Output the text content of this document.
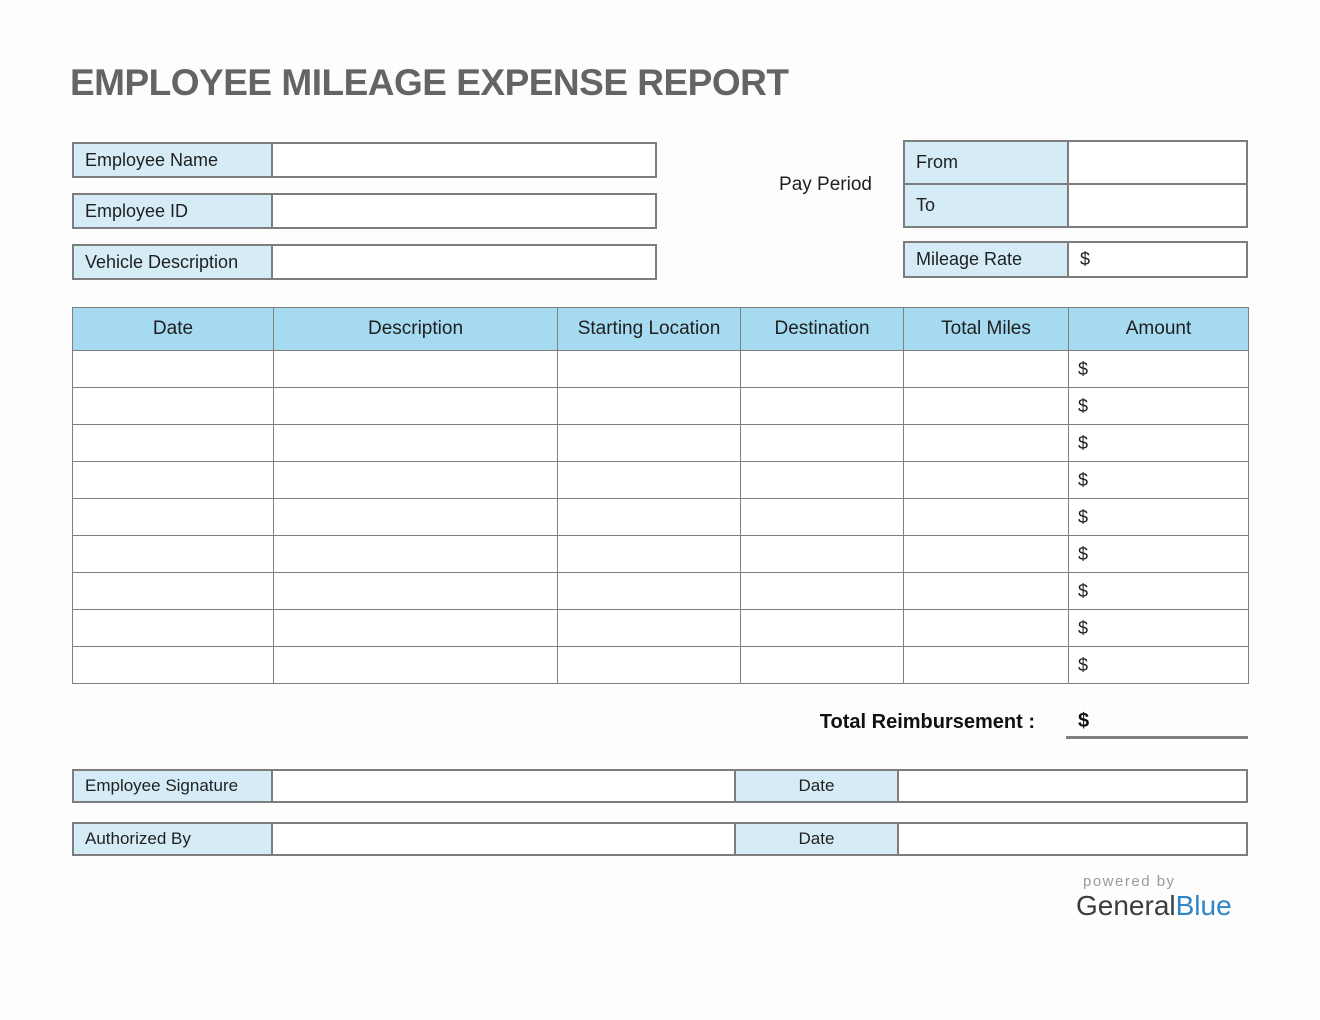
EMPLOYEE MILEAGE EXPENSE REPORT
Employee Name
Employee ID
Vehicle Description
Pay Period
From
To
Mileage Rate	$
Date	Description	Starting Location	Destination	Total Miles	Amount
					$
					$
					$
					$
					$
					$
					$
					$
					$
Total Reimbursement : $
Employee Signature	Date
Authorized By	Date
powered by
GeneralBlue
